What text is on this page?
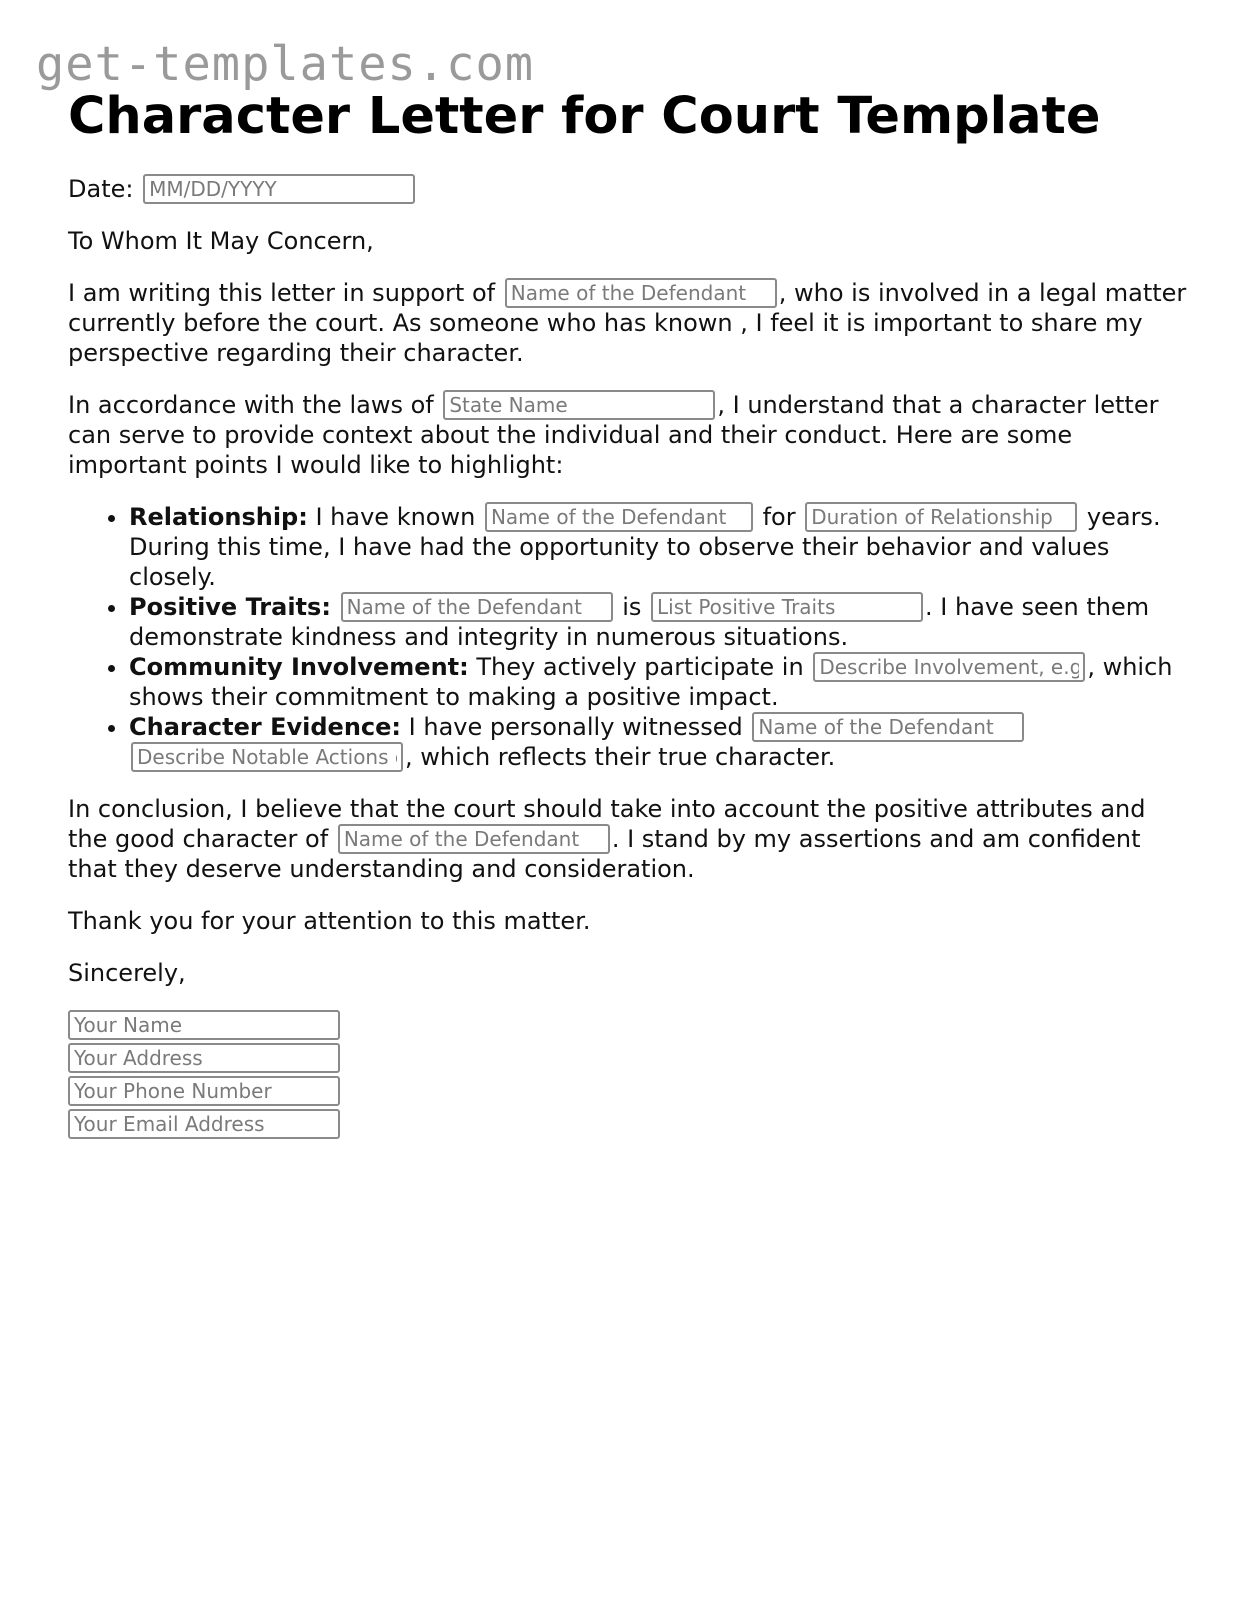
get-templates.com
Character Letter for Court Template

Date: MM/DD/YYYY

To Whom It May Concern,

I am writing this letter in support of Name of the Defendant	, who is involved in a legal matter currently before the court. As someone who has known , I feel it is important to share my perspective regarding their character.

In accordance with the laws of State Name	, I understand that a character letter can serve to provide context about the individual and their conduct. Here are some important points I would like to highlight:

• Relationship: I have known Name of the Defendant	for Duration of Relationship	years. During this time, I have had the opportunity to observe their behavior and values closely.
• Positive Traits: Name of the Defendant	is List Positive Traits	. I have seen them demonstrate kindness and integrity in numerous situations.
• Community Involvement: They actively participate in Describe Involvement, e.g.	, which shows their commitment to making a positive impact.
• Character Evidence: I have personally witnessed Name of the Defendant Describe Notable Actions or Events, which reflects their true character.

In conclusion, I believe that the court should take into account the positive attributes and the good character of Name of the Defendant	. I stand by my assertions and am confident that they deserve understanding and consideration.

Thank you for your attention to this matter.

Sincerely,

Your Name
Your Address
Your Phone Number
Your Email Address
